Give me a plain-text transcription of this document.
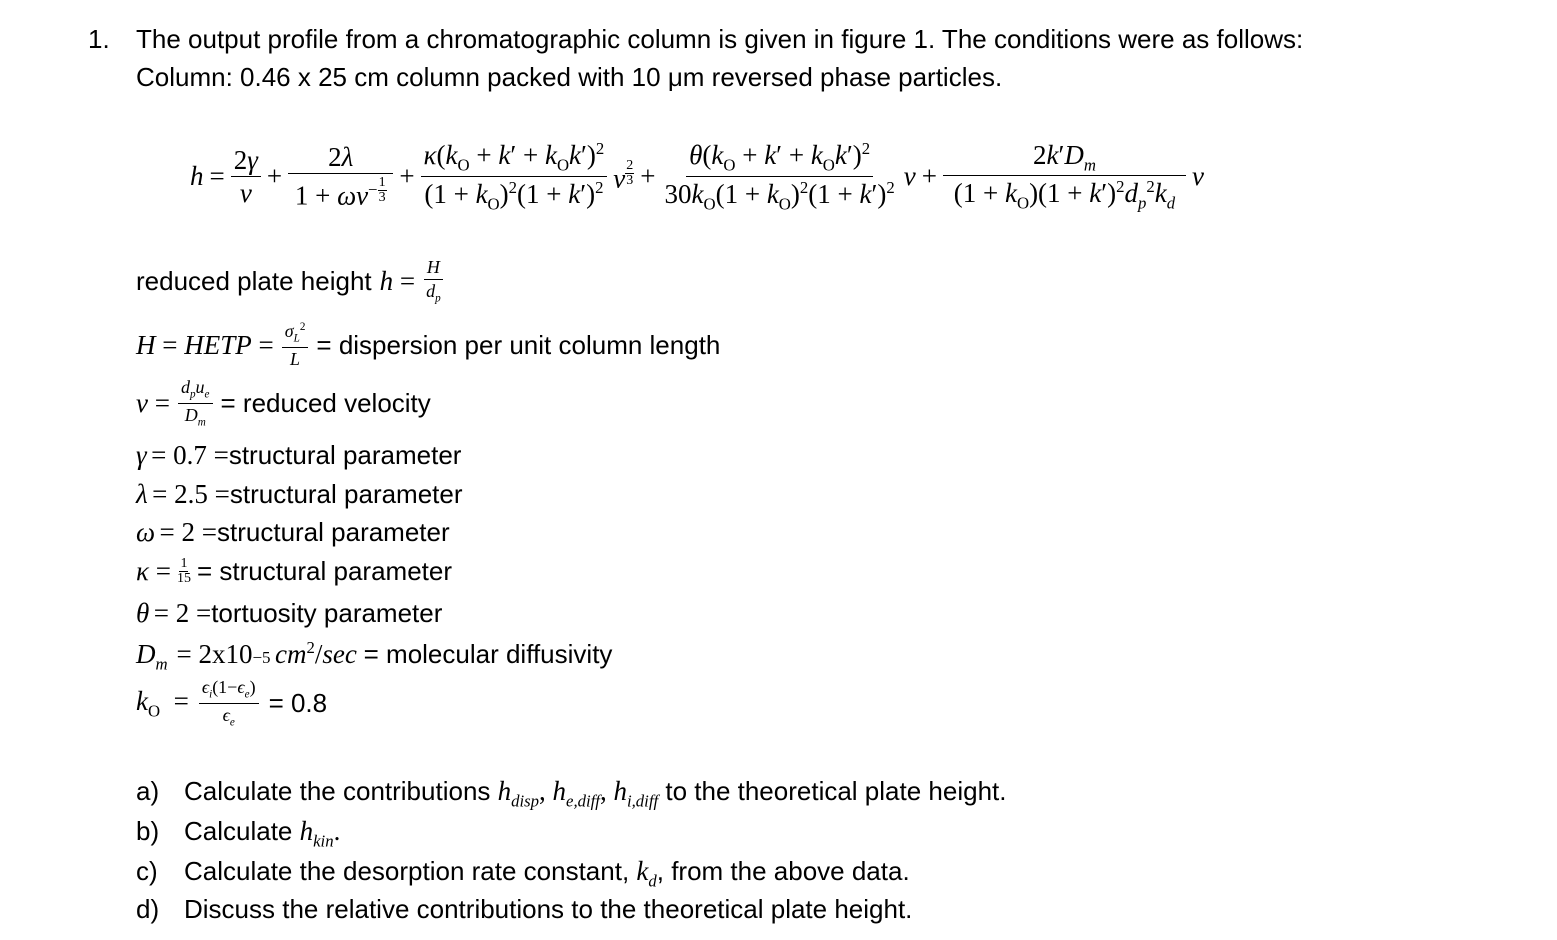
1. The output profile from a chromatographic column is given in figure 1. The conditions were as follows:
Column: 0.46 x 25 cm column packed with 10 μm reversed phase particles.
$h = \frac{2\gamma}{\nu} + 2\lambda$
$1 + \omega\nu^{- \frac{1}{3}} + \frac{\kappa(k_O + k' + k_Ok')^2}{(1 + k_O)^2(1 + k')^2}$ ν $^{\frac{2}{3}} + \frac{\theta(k_O + k' + k_Ok')^2}{30k_O(1 + k_O)^2(1 + k')^2}$ $\nu + \frac{2k'D_m}{(1 + k_O)(1 + k')^2d_p^2k_d}$ ν
reduced plate height $h = \frac{H}{d_p}$
H = HETP = $\frac{\sigma_L^2}{L}$ = dispersion per unit column length
$\nu = \frac{d_pu_e}{D_m}$ = reduced velocity
γ
= 0.7 = structural parameter
λ
= 2.5 = structural parameter
ω
= 2 = structural parameter
$\kappa = \frac{1}{15}$ = structural parameter
θ
= 2 = tortuosity parameter
$D_m$
= 2x10 −5
$cm^2/\sec$ = molecular diffusivity
$k_O = \frac{\epsilon_i(1-\epsilon_e)}{\epsilon_e} = 0.8$
a) Calculate the contributions $h_{disp}$, $h_{e,diff}$, $h_{i,diff}$ to the theoretical plate height.
b) Calculate $h_{kin}$.
c) Calculate the desorption rate constant, $k_d$, from the above data.
d) Discuss the relative contributions to the theoretical plate height.
